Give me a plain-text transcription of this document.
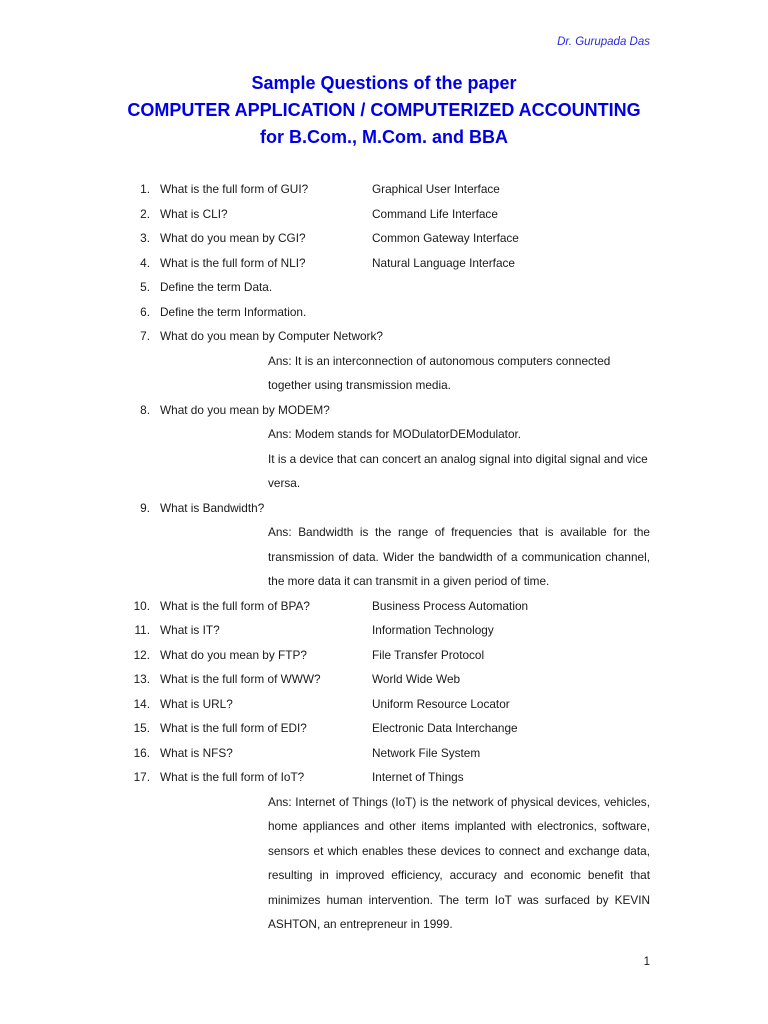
Dr. Gurupada Das
Sample Questions of the paper
COMPUTER APPLICATION / COMPUTERIZED ACCOUNTING
for B.Com., M.Com. and BBA
1. What is the full form of GUI?	Graphical User Interface
2. What is CLI?	Command Life Interface
3. What do you mean by CGI?	Common Gateway Interface
4. What is the full form of NLI?	Natural Language Interface
5. Define the term Data.
6. Define the term Information.
7. What do you mean by Computer Network?

Ans: It is an interconnection of autonomous computers connected together using transmission media.

8. What do you mean by MODEM?

Ans: Modem stands for MODulatorDEModulator.

It is a device that can concert an analog signal into digital signal and vice versa.

9. What is Bandwidth?

Ans: Bandwidth is the range of frequencies that is available for the transmission of data. Wider the bandwidth of a communication channel, the more data it can transmit in a given period of time.

10. What is the full form of BPA?	Business Process Automation
11. What is IT?	Information Technology
12. What do you mean by FTP?	File Transfer Protocol
13. What is the full form of WWW?	World Wide Web
14. What is URL?	Uniform Resource Locator
15. What is the full form of EDI?	Electronic Data Interchange
16. What is NFS?	Network File System
17. What is the full form of IoT?	Internet of Things

Ans: Internet of Things (IoT) is the network of physical devices, vehicles, home appliances and other items implanted with electronics, software, sensors et which enables these devices to connect and exchange data, resulting in improved efficiency, accuracy and economic benefit that minimizes human intervention. The term IoT was surfaced by KEVIN ASHTON, an entrepreneur in 1999.

1
